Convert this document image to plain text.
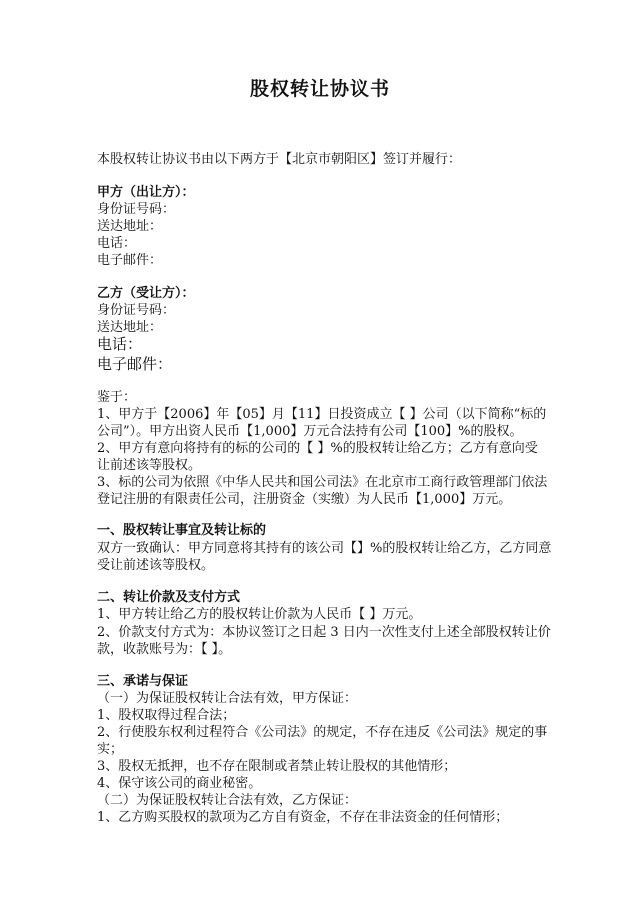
股权转让协议书
本股权转让协议书由以下两方于【北京市朝阳区】签订并履行：
甲方（出让方）：
身份证号码：
送达地址：
电话：
电子邮件：
乙方（受让方）：
身份证号码：
送达地址：
电话：
电子邮件：
鉴于：
1、甲方于【2006】年【05】月【11】日投资成立【 】公司（以下简称“标的
公司”）。甲方出资人民币【1,000】万元合法持有公司【100】%的股权。
2、甲方有意向将持有的标的公司的【 】%的股权转让给乙方；乙方有意向受
让前述该等股权。
3、标的公司为依照《中华人民共和国公司法》在北京市工商行政管理部门依法
登记注册的有限责任公司，注册资金（实缴）为人民币【1,000】万元。
一、股权转让事宜及转让标的
双方一致确认：甲方同意将其持有的该公司【】%的股权转让给乙方，乙方同意
受让前述该等股权。
二、转让价款及支付方式
1、甲方转让给乙方的股权转让价款为人民币【 】万元。
2、价款支付方式为：本协议签订之日起 3 日内一次性支付上述全部股权转让价
款，收款账号为：【 】。
三、承诺与保证
（一）为保证股权转让合法有效，甲方保证：
1、股权取得过程合法；
2、行使股东权利过程符合《公司法》的规定，不存在违反《公司法》规定的事
实；
3、股权无抵押，也不存在限制或者禁止转让股权的其他情形；
4、保守该公司的商业秘密。
（二）为保证股权转让合法有效，乙方保证：
1、乙方购买股权的款项为乙方自有资金，不存在非法资金的任何情形；
